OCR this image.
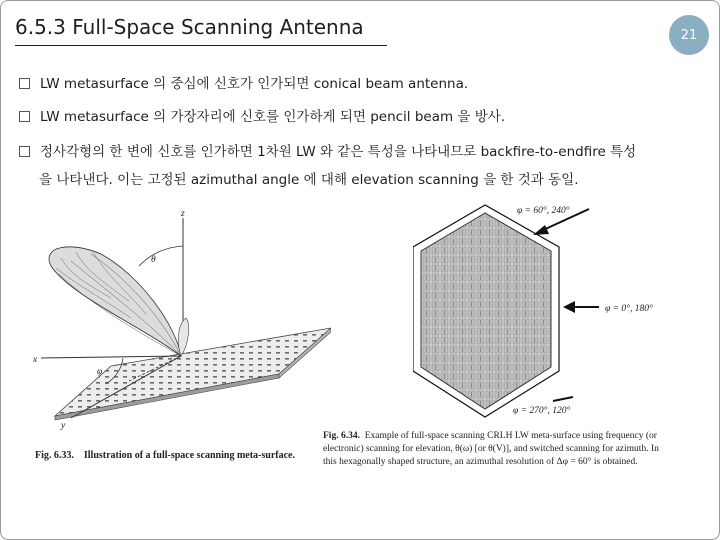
6.5.3 Full-Space Scanning Antenna	21
LW metasurface 의 중심에 신호가 인가되면 conical beam antenna.
LW metasurface 의 가장자리에 신호를 인가하게 되면 pencil beam 을 방사.
정사각형의 한 변에 신호를 인가하면 1차원 LW 와 같은 특성을 나타내므로 backfire-to-endfire 특성
을 나타낸다. 이는 고정된 azimuthal angle 에 대해 elevation scanning 을 한 것과 동일.
z
x
y
θ
φ
Fig. 6.33. Illustration of a full-space scanning meta-surface.
φ = 60°, 240°
φ = 0°, 180°
φ = 270°, 120°
Fig. 6.34. Example of full-space scanning CRLH LW meta-surface using frequency (or
electronic) scanning for elevation, θ(ω) [or θ(V)], and switched scanning for azimuth. In
this hexagonally shaped structure, an azimuthal resolution of Δφ = 60° is obtained.
